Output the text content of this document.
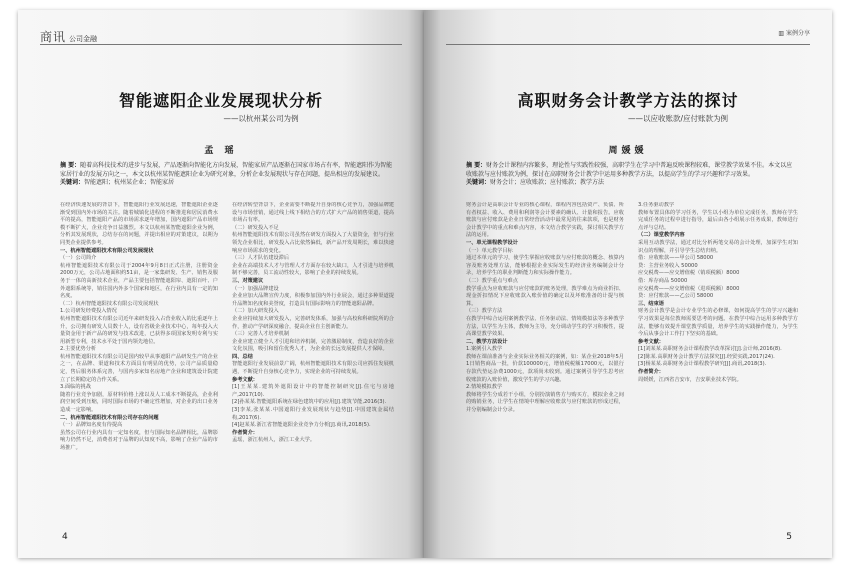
商讯 公司金融
智能遮阳企业发展现状分析
——以杭州某公司为例
孟 瑶
摘 要：随着高科技技术的进步与发展，产品逐渐向智能化方向发展，智能家居产品逐渐在国家市场占有率，智能遮阳作为智能家居行业的发展方向之一，本文以杭州某智能遮阳企业为研究对象，分析企业发展现状与存在问题，提出相应的发展建议。
关键词：智能遮阳；杭州某企业；智能家居
在经济快速发展的背景下，智能遮阳行业发展迅速，智能遮阳企业逐渐受到国内外市场的关注。随着城镇化进程的不断推进和居民消费水平的提高，智能遮阳产品的市场需求逐年增加，国内遮阳产品市场规模不断扩大，企业竞争日益激烈。本文以杭州某智能遮阳企业为例，分析其发展现状，总结存在的问题，并提出相应的对策建议，以期为同类企业提供参考。
一、杭州智能遮阳技术有限公司发展现状
（一）公司简介
杭州智能遮阳技术有限公司于2004年9月8日正式注册，注册资金2000万元，公司占地面积约51亩，是一家集研发、生产、销售及服务于一体的高新技术企业，产品主要包括智能遮阳帘、遮阳百叶、户外遮阳系统等，销往国内外多个国家和地区，在行业内具有一定的知名度。
（二）杭州智能遮阳技术有限公司发展现状
1.公司研发经费投入情况
杭州智能遮阳技术有限公司近年来研发投入占营业收入的比重逐年上升，公司拥有研发人员数十人，设有省级企业技术中心，每年投入大量资金用于新产品的研发与技术改进，已获得多项国家发明专利与实用新型专利，技术水平处于国内领先地位。
2.主要优势分析
杭州智能遮阳技术有限公司是国内较早从事遮阳产品研发生产的企业之一，在品牌、渠道和技术方面具有明显的优势，公司产品质量稳定，售后服务体系完善，与国内多家知名房地产企业和建筑设计院建立了长期稳定的合作关系。
3.面临的挑战
随着行业竞争加剧，原材料价格上涨以及人工成本不断提高，企业利润空间受到压缩，同时国际市场的不确定性增加，对企业的出口业务造成一定影响。
二、杭州智能遮阳技术有限公司存在的问题
（一）品牌知名度有待提高
虽然公司在行业内具有一定知名度，但与国际知名品牌相比，品牌影响力仍然不足，消费者对于品牌的认知度不高，影响了企业产品的市场推广。
在经济转型背景下，企业需要不断提升自身的核心竞争力，加强品牌建设与市场营销，通过线上线下相结合的方式扩大产品的销售渠道，提高市场占有率。
（二）研发投入不足
杭州智能遮阳技术有限公司虽然在研发方面投入了大量资金，但与行业领先企业相比，研发投入占比依然偏低，新产品开发周期长，难以快速响应市场需求的变化。
（三）人才队伍建设滞后
企业在高端技术人才与管理人才方面存在较大缺口，人才引进与培养机制不够完善，员工流动性较大，影响了企业的持续发展。
三、对策建议
（一）加强品牌建设
企业应加大品牌宣传力度，积极参加国内外行业展会，通过多种渠道提升品牌知名度和美誉度，打造具有国际影响力的智能遮阳品牌。
（二）加大研发投入
企业应持续加大研发投入，完善研发体系，加强与高校和科研院所的合作，推动产学研深度融合，提高企业自主创新能力。
（三）完善人才培养机制
企业应建立健全人才引进和培养机制，完善激励制度，营造良好的企业文化氛围，吸引和留住优秀人才，为企业的长远发展提供人才保障。
四、总结
智能遮阳行业发展前景广阔，杭州智能遮阳技术有限公司应抓住发展机遇，不断提升自身核心竞争力，实现企业的可持续发展。
参考文献：
[1]王某某.建筑外遮阳设计中的智能控制研究[J].住宅与房地产,2017(10).
[2]孙某某.智能遮阳系统在绿色建筑中的应用[J].建筑节能,2016(3).
[3]李某,张某某.中国遮阳行业发展现状与趋势[J].中国建筑金属结构,2017(6).
[4]赵某某.浙江省智能遮阳企业竞争力分析[J].商讯,2018(5).
作者简介：
孟瑶，浙江杭州人，浙江工业大学。
4
▥ 案例分享
高职财务会计教学方法的探讨
——以应收账款/应付账款为例
周媛媛
摘 要：财务会计课程内容繁多，理论性与实践性较强，高职学生在学习中普遍反映课程较难，课堂教学效果不佳。本文以应收账款与应付账款为例，探讨在高职财务会计教学中运用多种教学方法，以提高学生的学习兴趣和学习效果。
关键词：财务会计；应收账款；应付账款；教学方法
财务会计是高职会计专业的核心课程，课程内容包括资产、负债、所有者权益、收入、费用和利润等会计要素的确认、计量和报告。应收账款与应付账款是企业日常经营活动中最常见的往来款项，也是财务会计教学中的重点和难点内容，本文结合教学实践，探讨相关教学方法的运用。
一、单元课程教学设计
（一）单元教学目标
通过本单元的学习，使学生掌握应收账款与应付账款的概念、核算内容及账务处理方法，能够根据企业实际发生的经济业务编制会计分录，培养学生的职业判断能力和实际操作能力。
（二）教学重点与难点
教学重点为应收账款与应付账款的账务处理，教学难点为商业折扣、现金折扣情况下应收账款入账价值的确定以及坏账准备的计提与核算。
（三）教学方法
在教学中综合运用案例教学法、任务驱动法、情境模拟法等多种教学方法，以学生为主体，教师为主导，充分调动学生的学习积极性，提高课堂教学效果。
二、教学方法设计
1.案例引入教学
教师在课前准备与企业实际业务相关的案例，如：某企业2018年5月1日销售商品一批，价款100000元，增值税税额17000元，以银行存款代垫运杂费1000元，款项尚未收到。通过案例引导学生思考应收账款的入账价值，激发学生的学习兴趣。
2.情境模拟教学
教师将学生分成若干小组，分别扮演销售方与购买方，模拟企业之间的购销业务，让学生在情境中理解应收账款与应付账款的形成过程，并分别编制会计分录。
3.任务驱动教学
教师布置具体的学习任务，学生以小组为单位完成任务，教师在学生完成任务的过程中进行指导，最后由各小组展示任务成果，教师进行点评与总结。
（二）课堂教学内容
采用互动教学法，通过对比分析两笔交易的会计处理，加深学生对知识点的理解，并引导学生总结归纳。
借：应收账款——甲公司 58000
贷：主营业务收入 50000
应交税费——应交增值税（销项税额）8000
借：库存商品 50000
应交税费——应交增值税（进项税额）8000
贷：应付账款——乙公司 58000
三、结束语
财务会计教学是会计专业学生的必修课，如何提高学生的学习兴趣和学习效果是每位教师需要思考的问题。在教学中综合运用多种教学方法，能够有效提升课堂教学质量，培养学生的实践操作能力，为学生今后从事会计工作打下坚实的基础。
参考文献：
[1]刘某某.高职财务会计课程教学改革探讨[J].会计师,2016(8).
[2]陈某.高职财务会计教学方法探究[J].经贸实践,2017(24).
[3]杨某某.高职财务会计课程教学研究[J].商讯,2018(3).
作者简介：
周媛媛，江西省吉安市，吉安职业技术学院。
5
